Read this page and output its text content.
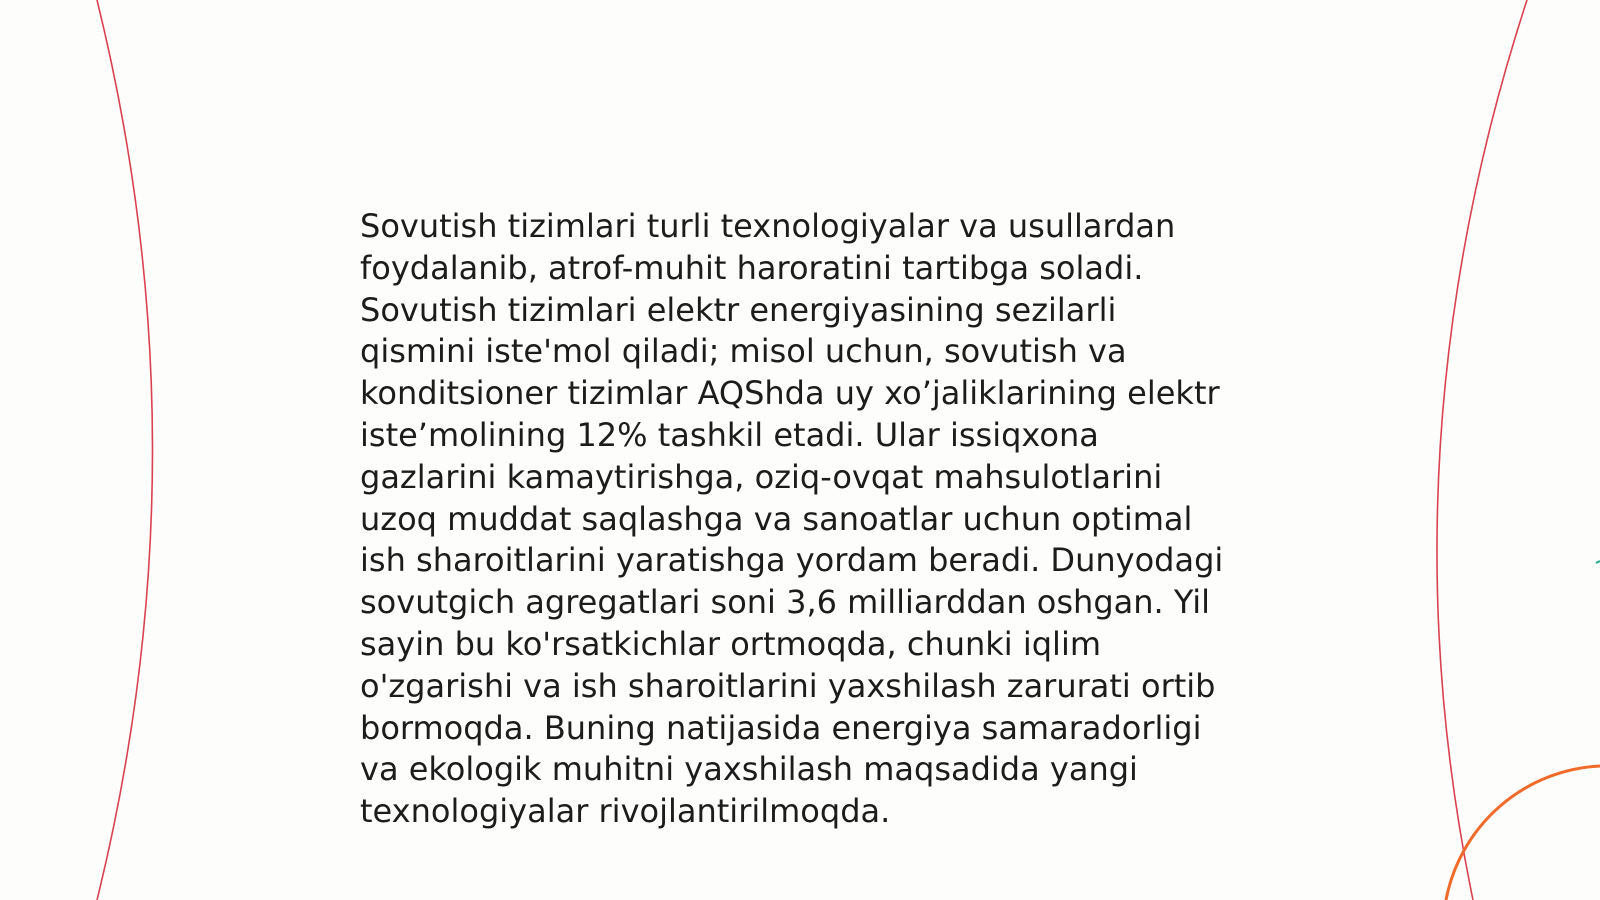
Sovutish tizimlari turli texnologiyalar va usullardan
foydalanib, atrof-muhit haroratini tartibga soladi.
Sovutish tizimlari elektr energiyasining sezilarli
qismini iste'mol qiladi; misol uchun, sovutish va
konditsioner tizimlar AQShda uy xo’jaliklarining elektr
iste’molining 12% tashkil etadi. Ular issiqxona
gazlarini kamaytirishga, oziq-ovqat mahsulotlarini
uzoq muddat saqlashga va sanoatlar uchun optimal
ish sharoitlarini yaratishga yordam beradi. Dunyodagi
sovutgich agregatlari soni 3,6 milliarddan oshgan. Yil
sayin bu ko'rsatkichlar ortmoqda, chunki iqlim
o'zgarishi va ish sharoitlarini yaxshilash zarurati ortib
bormoqda. Buning natijasida energiya samaradorligi
va ekologik muhitni yaxshilash maqsadida yangi
texnologiyalar rivojlantirilmoqda.
